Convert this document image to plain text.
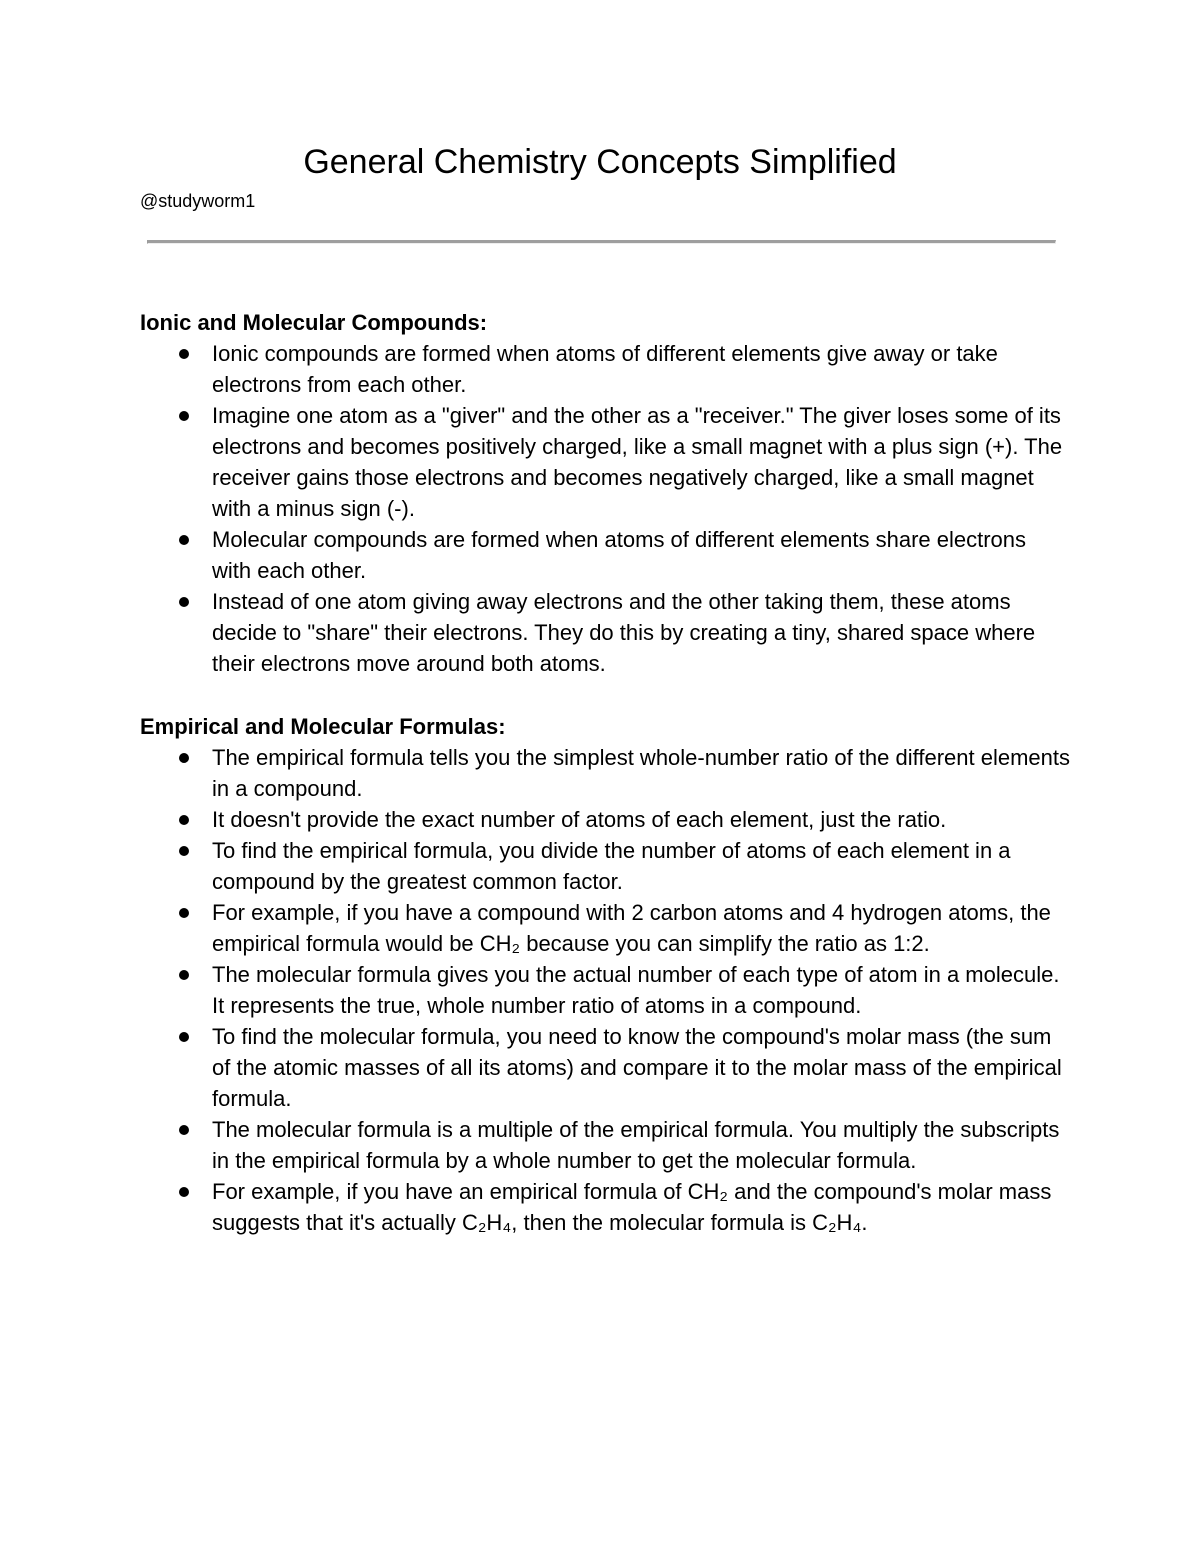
General Chemistry Concepts Simplified

@studyworm1

Ionic and Molecular Compounds:
Ionic compounds are formed when atoms of different elements give away or take electrons from each other.
Imagine one atom as a "giver" and the other as a "receiver." The giver loses some of its electrons and becomes positively charged, like a small magnet with a plus sign (+). The receiver gains those electrons and becomes negatively charged, like a small magnet with a minus sign (-).
Molecular compounds are formed when atoms of different elements share electrons with each other.
Instead of one atom giving away electrons and the other taking them, these atoms decide to "share" their electrons. They do this by creating a tiny, shared space where their electrons move around both atoms.
Empirical and Molecular Formulas:
The empirical formula tells you the simplest whole-number ratio of the different elements in a compound.
It doesn't provide the exact number of atoms of each element, just the ratio.
To find the empirical formula, you divide the number of atoms of each element in a compound by the greatest common factor.
For example, if you have a compound with 2 carbon atoms and 4 hydrogen atoms, the empirical formula would be CH₂ because you can simplify the ratio as 1:2.
The molecular formula gives you the actual number of each type of atom in a molecule. It represents the true, whole number ratio of atoms in a compound.
To find the molecular formula, you need to know the compound's molar mass (the sum of the atomic masses of all its atoms) and compare it to the molar mass of the empirical formula.
The molecular formula is a multiple of the empirical formula. You multiply the subscripts in the empirical formula by a whole number to get the molecular formula.
For example, if you have an empirical formula of CH₂ and the compound's molar mass suggests that it's actually C₂H₄, then the molecular formula is C₂H₄.
